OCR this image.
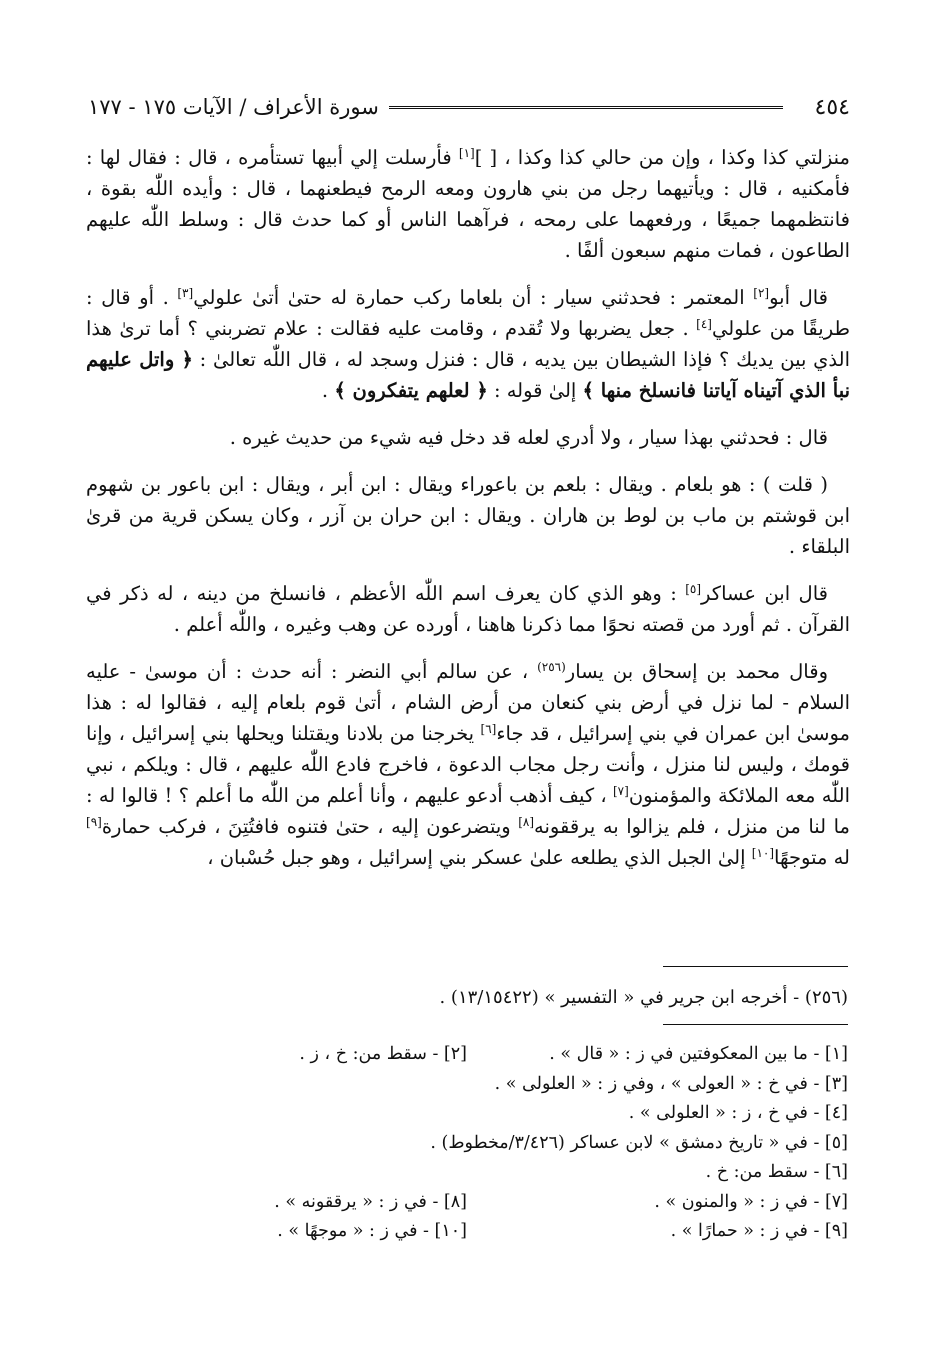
٤٥٤
سورة الأعراف / الآيات ١٧٥ - ١٧٧

منزلتي كذا وكذا ، وإن من حالي كذا وكذا ، [ ][١] فأرسلت إلي أبيها تستأمره ، قال : فقال لها : فأمكنيه ، قال : ويأتيهما رجل من بني هارون ومعه الرمح فيطعنهما ، قال : وأيده اللّٰه بقوة ، فانتظمهما جميعًا ، ورفعهما على رمحه ، فرآهما الناس أو كما حدث قال : وسلط اللّٰه عليهم الطاعون ، فمات منهم سبعون ألفًا .

قال أبو[٢] المعتمر : فحدثني سيار : أن بلعاما ركب حمارة له حتىٰ أتىٰ علولي[٣] . أو قال : طريقًا من علولي[٤] . جعل يضربها ولا تُقدم ، وقامت عليه فقالت : علام تضربني ؟ أما ترىٰ هذا الذي بين يديك ؟ فإذا الشيطان بين يديه ، قال : فنزل وسجد له ، قال اللّٰه تعالىٰ : ﴿ واتل عليهم نبأ الذي آتيناه آياتنا فانسلخ منها ﴾ إلىٰ قوله : ﴿ لعلهم يتفكرون ﴾ .

قال : فحدثني بهذا سيار ، ولا أدري لعله قد دخل فيه شيء من حديث غيره .

( قلت ) : هو بلعام . ويقال : بلعم بن باعوراء ويقال : ابن أبر ، ويقال : ابن باعور بن شهوم ابن قوشتم بن ماب بن لوط بن هاران . ويقال : ابن حران بن آزر ، وكان يسكن قرية من قرىٰ البلقاء .

قال ابن عساكر[٥] : وهو الذي كان يعرف اسم اللّٰه الأعظم ، فانسلخ من دينه ، له ذكر في القرآن . ثم أورد من قصته نحوًا مما ذكرنا هاهنا ، أورده عن وهب وغيره ، واللّٰه أعلم .

وقال محمد بن إسحاق بن يسار$^{(٢٥٦)}$ ، عن سالم أبي النضر : أنه حدث : أن موسىٰ - عليه السلام - لما نزل في أرض بني كنعان من أرض الشام ، أتىٰ قوم بلعام إليه ، فقالوا له : هذا موسىٰ ابن عمران في بني إسرائيل ، قد جاء[٦] يخرجنا من بلادنا ويقتلنا ويحلها بني إسرائيل ، وإنا قومك ، وليس لنا منزل ، وأنت رجل مجاب الدعوة ، فاخرج فادع اللّٰه عليهم ، قال : ويلكم ، نبي اللّٰه معه الملائكة والمؤمنون[٧] ، كيف أذهب أدعو عليهم ، وأنا أعلم من اللّٰه ما أعلم ؟ ! قالوا له : ما لنا من منزل ، فلم يزالوا به يرققونه[٨] ويتضرعون إليه ، حتىٰ فتنوه فافتُتِنَ ، فركب حمارة[٩] له متوجهًا[١٠] إلىٰ الجبل الذي يطلعه علىٰ عسكر بني إسرائيل ، وهو جبل حُسْبان ،

(٢٥٦) - أخرجه ابن جرير في « التفسير » (١٣/١٥٤٢٢) .
[١] - ما بين المعكوفتين في ز : « قال » .
[٢] - سقط من: خ ، ز .
[٣] - في خ : « العولى » ، وفي ز : « العلولى » .
[٤] - في خ ، ز : « العلولى » .
[٥] - في « تاريخ دمشق » لابن عساكر (٣/٤٢٦/مخطوط) .
[٦] - سقط من: خ .
[٧] - في ز : « والمنون » .
[٨] - في ز : « يرققونه » .
[٩] - في ز : « حمارًا » .
[١٠] - في ز : « موجهًا » .
